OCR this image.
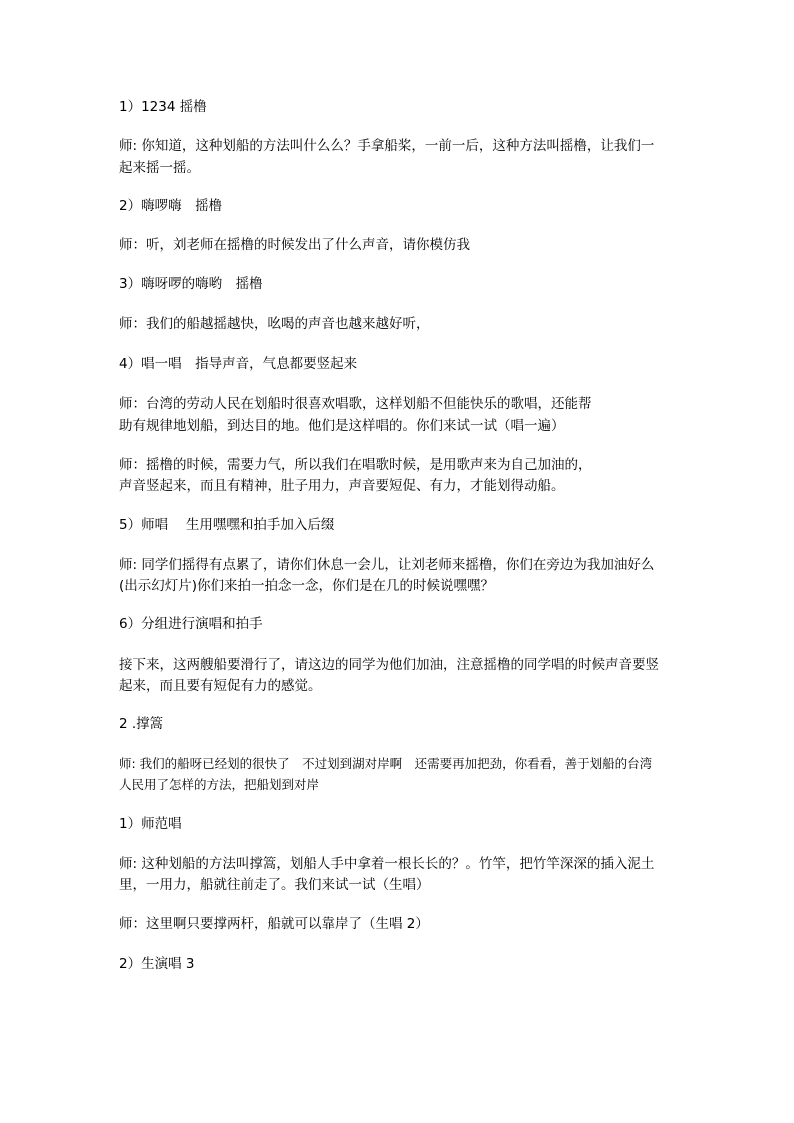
1）1234 摇橹
师: 你知道，这种划船的方法叫什么么？手拿船桨，一前一后，这种方法叫摇橹，让我们一
起来摇一摇。
2）嗨啰嗨　摇橹
师：听，刘老师在摇橹的时候发出了什么声音，请你模仿我
3）嗨呀啰的嗨哟　摇橹
师：我们的船越摇越快，吆喝的声音也越来越好听，
4）唱一唱　指导声音，气息都要竖起来
师：台湾的劳动人民在划船时很喜欢唱歌，这样划船不但能快乐的歌唱，还能帮
助有规律地划船，到达目的地。他们是这样唱的。你们来试一试（唱一遍）
师：摇橹的时候，需要力气，所以我们在唱歌时候，是用歌声来为自己加油的，
声音竖起来，而且有精神，肚子用力，声音要短促、有力，才能划得动船。
5）师唱　 生用嘿嘿和拍手加入后缀
师: 同学们摇得有点累了，请你们休息一会儿，让刘老师来摇橹，你们在旁边为我加油好么
(出示幻灯片)你们来拍一拍念一念，你们是在几的时候说嘿嘿？
6）分组进行演唱和拍手
接下来，这两艘船要滑行了，请这边的同学为他们加油，注意摇橹的同学唱的时候声音要竖
起来，而且要有短促有力的感觉。
2 .撑篙
师: 我们的船呀已经划的很快了　不过划到湖对岸啊　还需要再加把劲，你看看，善于划船的台湾
人民用了怎样的方法，把船划到对岸
1）师范唱
师: 这种划船的方法叫撑篙，划船人手中拿着一根长长的？。竹竿，把竹竿深深的插入泥土
里，一用力，船就往前走了。我们来试一试（生唱）
师：这里啊只要撑两杆，船就可以靠岸了（生唱 2）
2）生演唱 3
